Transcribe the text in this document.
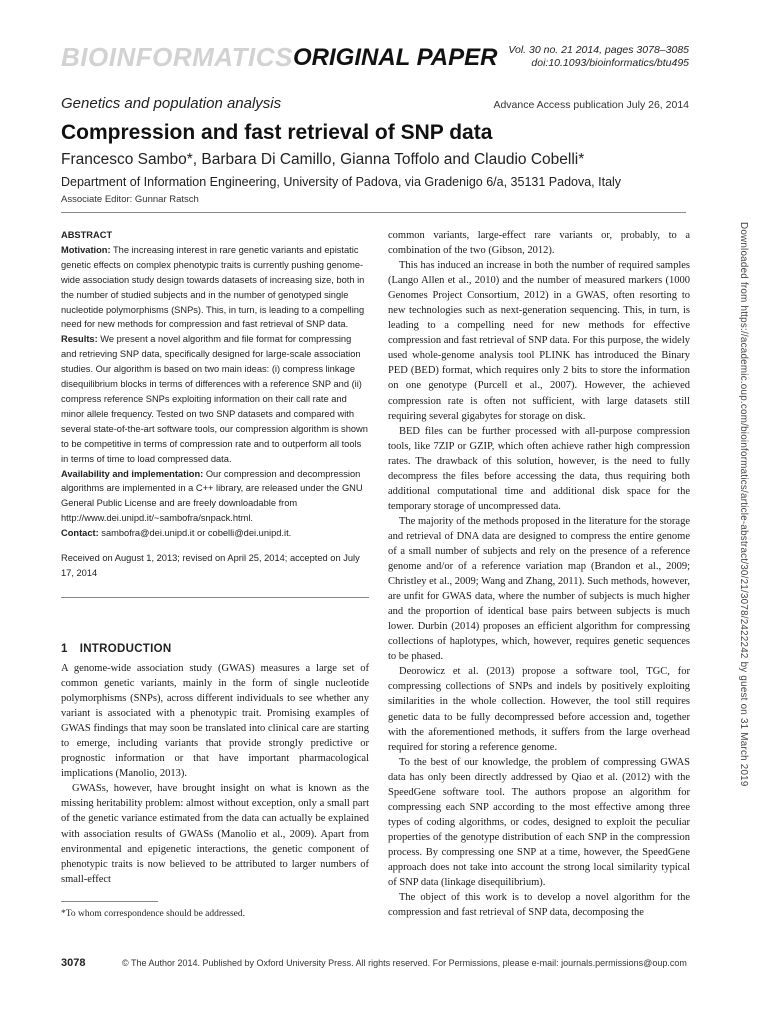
BIOINFORMATICS ORIGINAL PAPER Vol. 30 no. 21 2014, pages 3078–3085
doi:10.1093/bioinformatics/btu495
Genetics and population analysis	Advance Access publication July 26, 2014
Compression and fast retrieval of SNP data
Francesco Sambo*, Barbara Di Camillo, Gianna Toffolo and Claudio Cobelli*
Department of Information Engineering, University of Padova, via Gradenigo 6/a, 35131 Padova, Italy
Associate Editor: Gunnar Ratsch

ABSTRACT

Motivation: The increasing interest in rare genetic variants and epistatic genetic effects on complex phenotypic traits is currently pushing genome-wide association study design towards datasets of increasing size, both in the number of studied subjects and in the number of genotyped single nucleotide polymorphisms (SNPs). This, in turn, is leading to a compelling need for new methods for compression and fast retrieval of SNP data.

Results: We present a novel algorithm and file format for compressing and retrieving SNP data, specifically designed for large-scale association studies. Our algorithm is based on two main ideas: (i) compress linkage disequilibrium blocks in terms of differences with a reference SNP and (ii) compress reference SNPs exploiting information on their call rate and minor allele frequency. Tested on two SNP datasets and compared with several state-of-the-art software tools, our compression algorithm is shown to be competitive in terms of compression rate and to outperform all tools in terms of time to load compressed data.

Availability and implementation: Our compression and decompression algorithms are implemented in a C++ library, are released under the GNU General Public License and are freely downloadable from http://www.dei.unipd.it/~sambofra/snpack.html.

Contact: sambofra@dei.unipd.it or cobelli@dei.unipd.it.

Received on August 1, 2013; revised on April 25, 2014; accepted on July 17, 2014

1 INTRODUCTION

A genome-wide association study (GWAS) measures a large set of common genetic variants, mainly in the form of single nucleotide polymorphisms (SNPs), across different individuals to see whether any variant is associated with a phenotypic trait. Promising examples of GWAS findings that may soon be translated into clinical care are starting to emerge, including variants that provide strongly predictive or prognostic information or that have important pharmacological implications (Manolio, 2013).

GWASs, however, have brought insight on what is known as the missing heritability problem: almost without exception, only a small part of the genetic variance estimated from the data can actually be explained with association results of GWASs (Manolio et al., 2009). Apart from environmental and epigenetic interactions, the genetic component of phenotypic traits is now believed to be attributed to larger numbers of small-effect

common variants, large-effect rare variants or, probably, to a combination of the two (Gibson, 2012).

This has induced an increase in both the number of required samples (Lango Allen et al., 2010) and the number of measured markers (1000 Genomes Project Consortium, 2012) in a GWAS, often resorting to new technologies such as next-generation sequencing. This, in turn, is leading to a compelling need for new methods for effective compression and fast retrieval of SNP data. For this purpose, the widely used whole-genome analysis tool PLINK has introduced the Binary PED (BED) format, which requires only 2 bits to store the information on one genotype (Purcell et al., 2007). However, the achieved compression rate is often not sufficient, with large datasets still requiring several gigabytes for storage on disk.

BED files can be further processed with all-purpose compression tools, like 7ZIP or GZIP, which often achieve rather high compression rates. The drawback of this solution, however, is the need to fully decompress the files before accessing the data, thus requiring both additional computational time and additional disk space for the temporary storage of uncompressed data.

The majority of the methods proposed in the literature for the storage and retrieval of DNA data are designed to compress the entire genome of a small number of subjects and rely on the presence of a reference genome and/or of a reference variation map (Brandon et al., 2009; Christley et al., 2009; Wang and Zhang, 2011). Such methods, however, are unfit for GWAS data, where the number of subjects is much higher and the proportion of identical base pairs between subjects is much lower. Durbin (2014) proposes an efficient algorithm for compressing collections of haplotypes, which, however, requires genetic sequences to be phased.

Deorowicz et al. (2013) propose a software tool, TGC, for compressing collections of SNPs and indels by positively exploiting similarities in the whole collection. However, the tool still requires genetic data to be fully decompressed before accession and, together with the aforementioned methods, it suffers from the large overhead required for storing a reference genome.

To the best of our knowledge, the problem of compressing GWAS data has only been directly addressed by Qiao et al. (2012) with the SpeedGene software tool. The authors propose an algorithm for compressing each SNP according to the most effective among three types of coding algorithms, or codes, designed to exploit the peculiar properties of the genotype distribution of each SNP in the compression process. By compressing one SNP at a time, however, the SpeedGene approach does not take into account the strong local similarity typical of SNP data (linkage disequilibrium).

The object of this work is to develop a novel algorithm for the compression and fast retrieval of SNP data, decomposing the

*To whom correspondence should be addressed.
3078	© The Author 2014. Published by Oxford University Press. All rights reserved. For Permissions, please e-mail: journals.permissions@oup.com
Downloaded from https://academic.oup.com/bioinformatics/article-abstract/30/21/3078/2422242 by guest on 31 March 2019
